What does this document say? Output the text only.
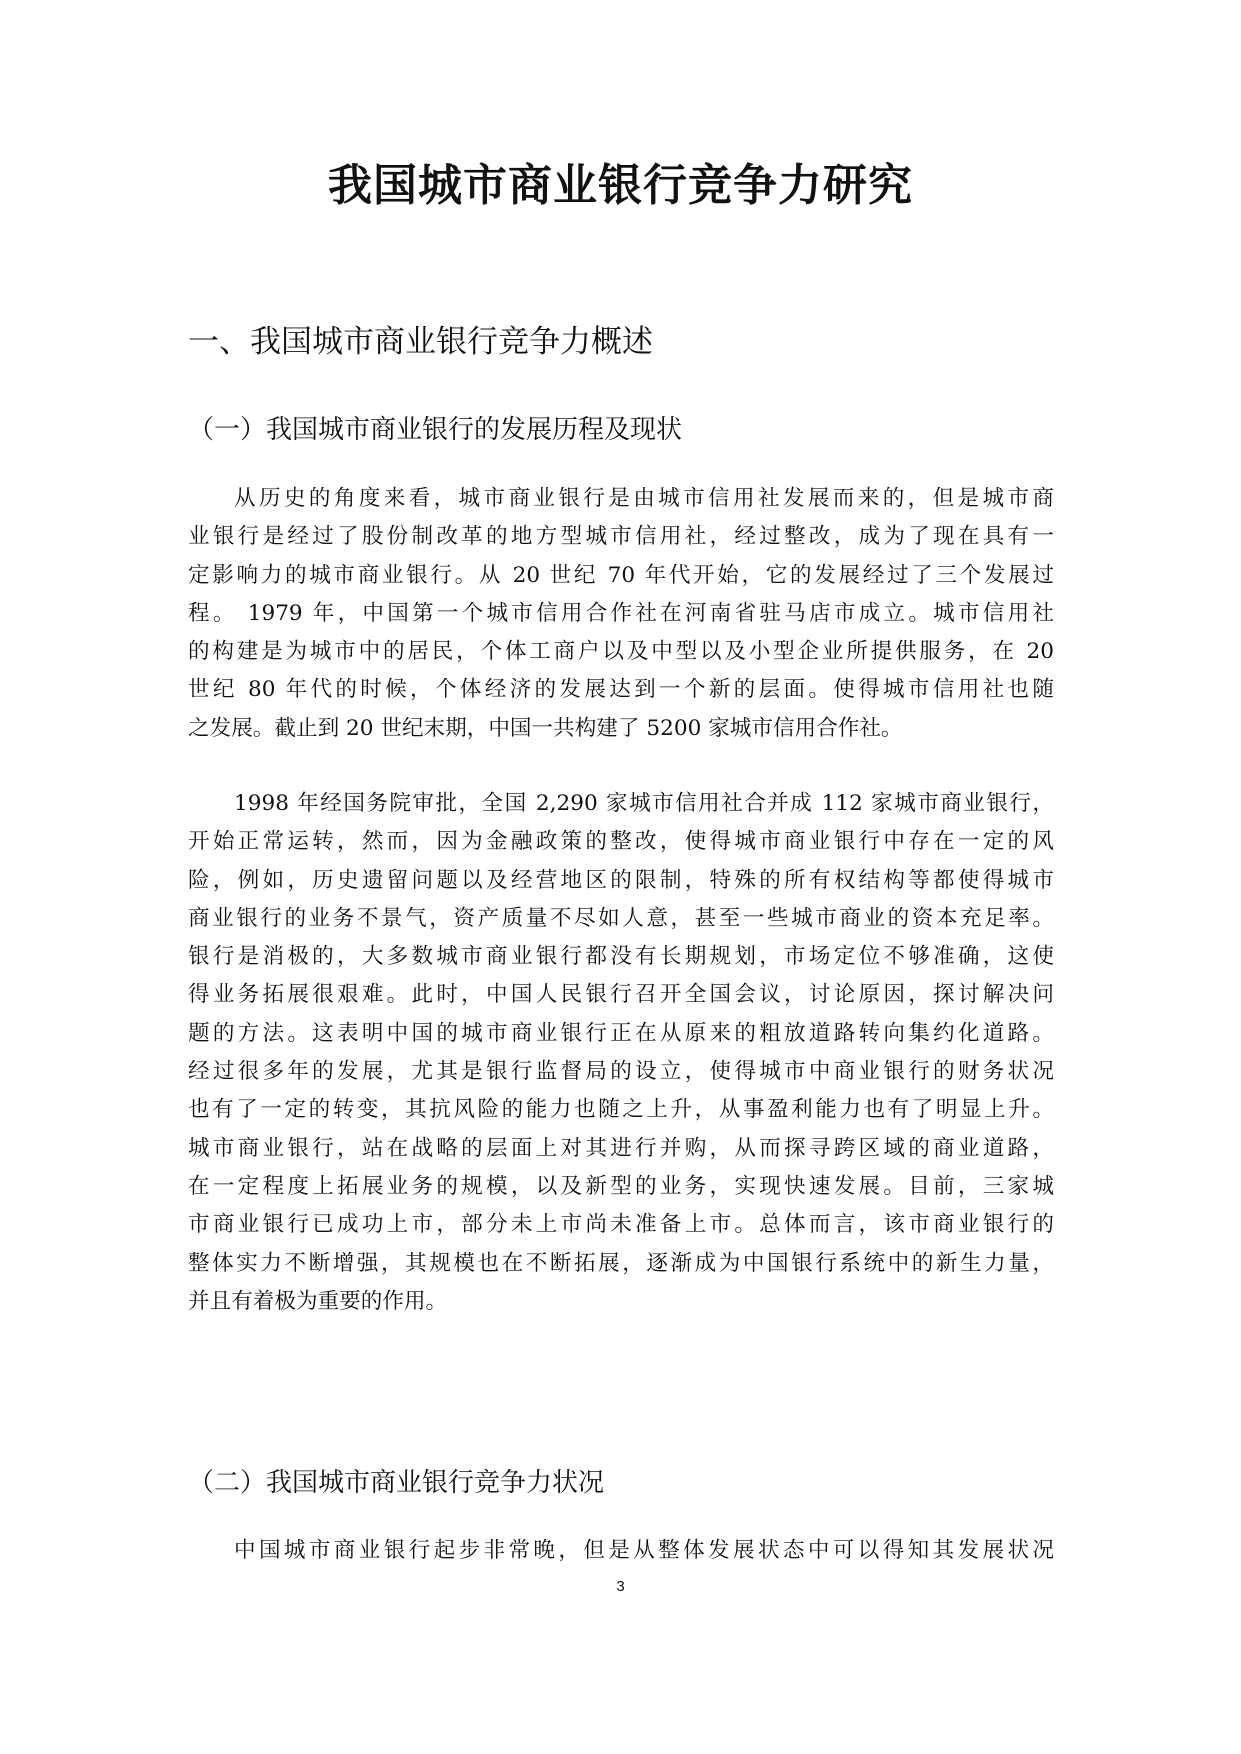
我国城市商业银行竞争力研究
一、我国城市商业银行竞争力概述
（一）我国城市商业银行的发展历程及现状
从历史的角度来看，城市商业银行是由城市信用社发展而来的，但是城市商
业银行是经过了股份制改革的地方型城市信用社，经过整改，成为了现在具有一
定影响力的城市商业银行。从 20 世纪 70 年代开始，它的发展经过了三个发展过
程。 1979 年，中国第一个城市信用合作社在河南省驻马店市成立。城市信用社
的构建是为城市中的居民，个体工商户以及中型以及小型企业所提供服务，在 20
世纪 80 年代的时候，个体经济的发展达到一个新的层面。使得城市信用社也随
之发展。截止到 20 世纪末期，中国一共构建了 5200 家城市信用合作社。
1998 年经国务院审批，全国 2,290 家城市信用社合并成 112 家城市商业银行，
开始正常运转，然而，因为金融政策的整改，使得城市商业银行中存在一定的风
险，例如，历史遗留问题以及经营地区的限制，特殊的所有权结构等都使得城市
商业银行的业务不景气，资产质量不尽如人意，甚至一些城市商业的资本充足率。
银行是消极的，大多数城市商业银行都没有长期规划，市场定位不够准确，这使
得业务拓展很艰难。此时，中国人民银行召开全国会议，讨论原因，探讨解决问
题的方法。这表明中国的城市商业银行正在从原来的粗放道路转向集约化道路。
经过很多年的发展，尤其是银行监督局的设立，使得城市中商业银行的财务状况
也有了一定的转变，其抗风险的能力也随之上升，从事盈利能力也有了明显上升。
城市商业银行，站在战略的层面上对其进行并购，从而探寻跨区域的商业道路，
在一定程度上拓展业务的规模，以及新型的业务，实现快速发展。目前，三家城
市商业银行已成功上市，部分未上市尚未准备上市。总体而言，该市商业银行的
整体实力不断增强，其规模也在不断拓展，逐渐成为中国银行系统中的新生力量，
并且有着极为重要的作用。
（二）我国城市商业银行竞争力状况
中国城市商业银行起步非常晚，但是从整体发展状态中可以得知其发展状况
3
